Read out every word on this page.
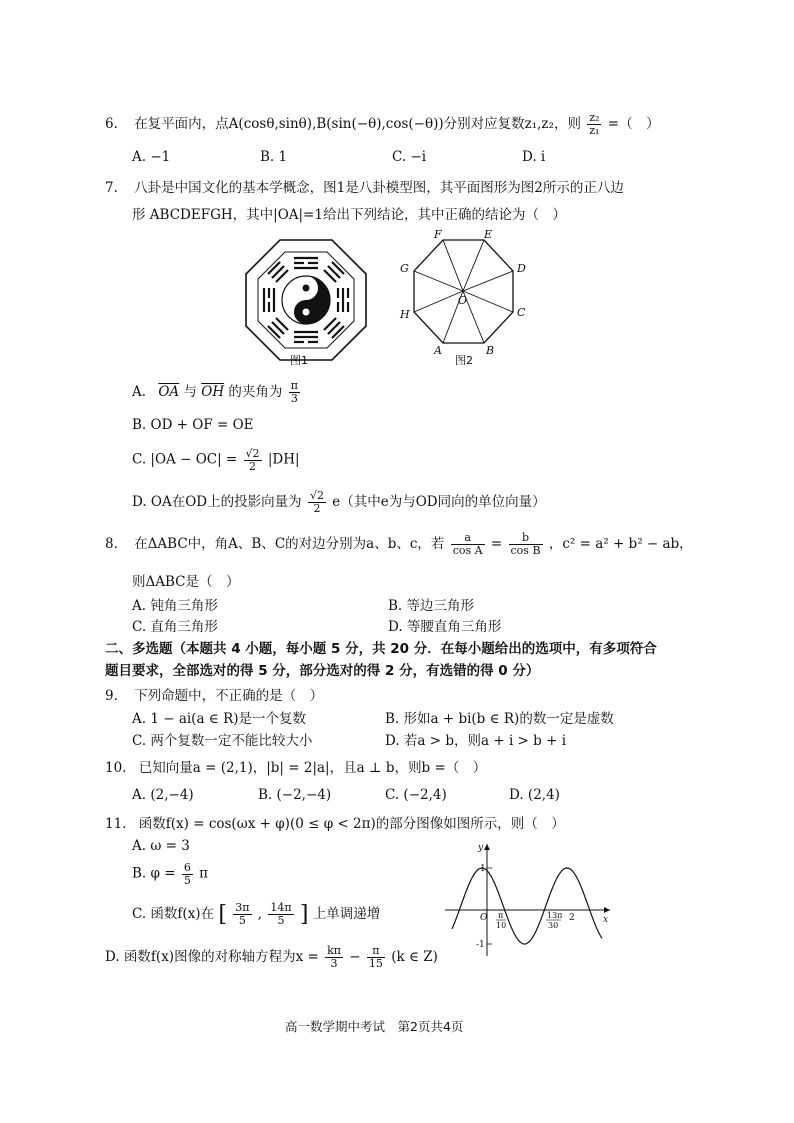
6. 在复平面内，点A(cosθ,sinθ),B(sin(−θ),cos(−θ))分别对应复数z₁,z₂，则 $\frac{\text{z₂}}{\text{z₁}}$ =（　）
A. −1	B. 1	C. −i	D. i
7. 八卦是中国文化的基本学概念，图1是八卦模型图，其平面图形为图2所示的正八边
形 ABCDEFGH，其中|OA|=1给出下列结论，其中正确的结论为（　）
图1
A	B
C
D
E
F
G
H
O
图2
A. $\overline{OA}$ 与 $\overline{OH}$ 的夹角为 $\frac{\pi}{3}$
B. OD + OF = OE
C. $|OA - OC| = \frac{√2}{2} |DH|$
D. OA在OD上的投影向量为 $\frac{√2}{2} e$（其中e为与OD同向的单位向量）
8. 在ΔABC中，角A、B、C的对边分别为a、b、c，若 $\frac{a}{\text{cos A}} = \frac{b}{\text{cos B}}$ ，c² = a² + b² − ab，
则ΔABC是（　）
A. 钝角三角形	B. 等边三角形
C. 直角三角形	D. 等腰直角三角形
二、多选题（本题共 4 小题，每小题 5 分，共 20 分．在每小题给出的选项中，有多项符合
题目要求，全部选对的得 5 分，部分选对的得 2 分，有选错的得 0 分）
9. 下列命题中，不正确的是（　）
A. 1 − ai(a ∈ R)是一个复数	B. 形如a + bi(b ∈ R)的数一定是虚数
C. 两个复数一定不能比较大小	D. 若a > b，则a + i > b + i
10. 已知向量a = (2,1)，|b| = 2|a|，且a ⊥ b，则b =（　）
A. (2,−4)	B. (−2,−4)	C. (−2,4)	D. (2,4)
11. 函数f(x) = cos(ωx + φ)(0 ≤ φ < 2π)的部分图像如图所示，则（　）
A. ω = 3
B. $\varphi = \frac{6}{5}$ π
C. 函数f(x)在 [ $\frac{3\pi}{5}$ , $\frac{14\pi}{5}$ ] 上单调递增
D. 函数f(x)图像的对称轴方程为$x = \frac{k\pi}{3} - \frac{\pi}{15} (k$ ∈ Z)
y
x
O
1
-1
π
10
13π
30
2
高一数学期中考试　第2页共4页
